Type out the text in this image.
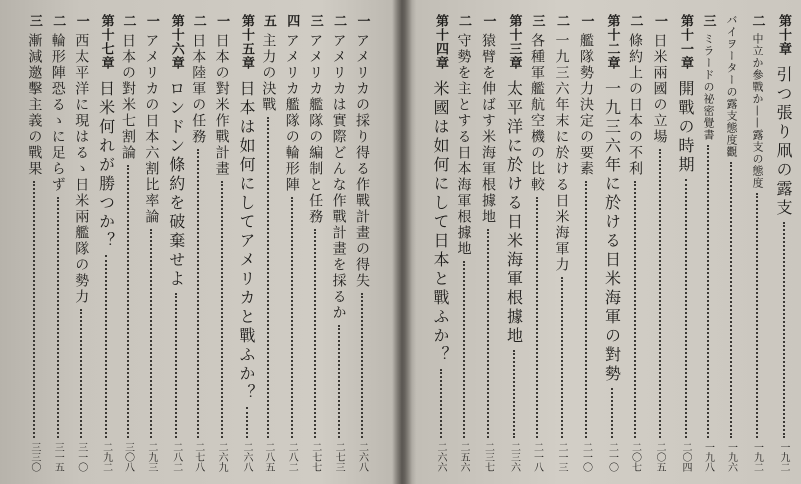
一
アメリカの採り得る作戰計畫の得失
二六八
二
アメリカは實際どんな作戰計畫を採るか
二七三
三
アメリカ艦隊の編制と任務
二七七
四
アメリカ艦隊の輪形陣
二八二
五
主力の決戰
二八五
第十五章
日本は如何にしてアメリカと戰ふか？
二六八
一
日本の對米作戰計畫
二六九
二
日本陸軍の任務
二七八
第十六章
ロンドン條約を破棄せよ
二八二
一
アメリカの日本六割比率論
二九三
二
日本の對米七割論
三〇八
第十七章
日米何れが勝つか？
二九二
一
西太平洋に現はるゝ日米兩艦隊の勢力
三一〇
二
輪形陣恐るゝに足らず
三一五
三
漸減邀擊主義の戰果
三三〇
第十章
引つ張り凧の露支
一九二
二
中立か參戰か——露支の態度
一九二
バイヲーターの露支態度觀
一九六
三
ミラードの祕密覺書
一九八
第十一章
開戰の時期
二〇四
一
日米兩國の立場
二〇五
二
條約上の日本の不利
二〇七
第十二章
一九三六年に於ける日米海軍の對勢
二一〇
一
艦隊勢力決定の要素
二一〇
二
一九三六年末に於ける日米海軍力
二一三
三
各種軍艦航空機の比較
二一八
第十三章
太平洋に於ける日米海軍根據地
二三六
一
猿臂を伸ばす米海軍根據地
二三七
二
守勢を主とする日本海軍根據地
二五六
第十四章
米國は如何にして日本と戰ふか？
二六六
